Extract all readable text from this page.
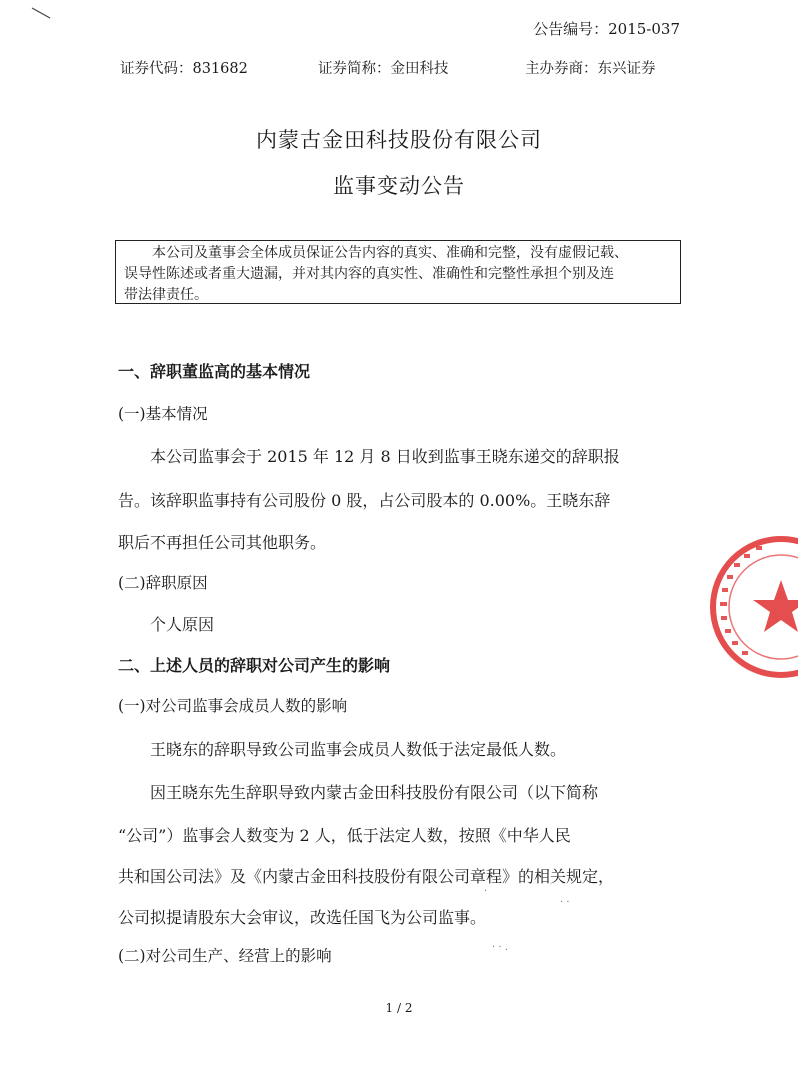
公告编号：2015-037
证券代码：831682	证券简称：金田科技	主办券商：东兴证券
内蒙古金田科技股份有限公司
监事变动公告
本公司及董事会全体成员保证公告内容的真实、准确和完整，没有虚假记载、
误导性陈述或者重大遗漏，并对其内容的真实性、准确性和完整性承担个别及连
带法律责任。
一、辞职董监高的基本情况
(一)基本情况
本公司监事会于 2015 年 12 月 8 日收到监事王晓东递交的辞职报
告。该辞职监事持有公司股份 0 股，占公司股本的 0.00%。王晓东辞
职后不再担任公司其他职务。
(二)辞职原因
个人原因
二、上述人员的辞职对公司产生的影响
(一)对公司监事会成员人数的影响
王晓东的辞职导致公司监事会成员人数低于法定最低人数。
因王晓东先生辞职导致内蒙古金田科技股份有限公司（以下简称
“公司”）监事会人数变为 2 人，低于法定人数，按照《中华人民
共和国公司法》及《内蒙古金田科技股份有限公司章程》的相关规定，
公司拟提请股东大会审议，改选任国飞为公司监事。
(二)对公司生产、经营上的影响
·
· ·
· · .
1 / 2
